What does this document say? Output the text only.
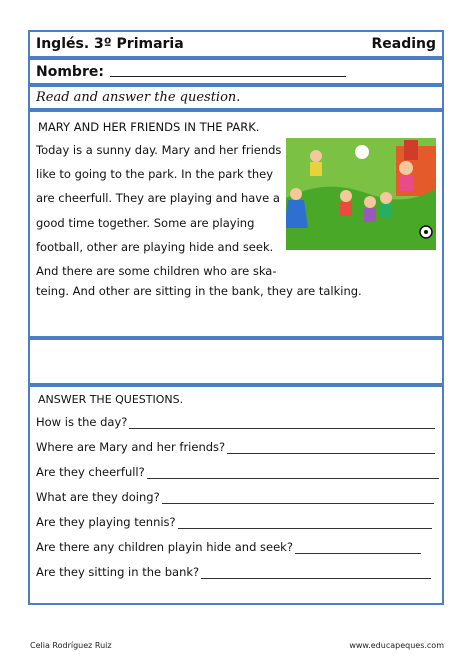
Inglés. 3º Primaria	Reading
Nombre:
Read and answer the question.
MARY AND HER FRIENDS IN THE PARK.
Today is a sunny day. Mary and her friends
like to going to the park. In the park they
are cheerfull. They are playing and have a
good time together. Some are playing
football, other are playing hide and seek.
And there are some children who are ska-
teing. And other are sitting in the bank, they are talking.
ANSWER THE QUESTIONS.
How is the day?
Where are Mary and her friends?
Are they cheerfull?
What are they doing?
Are they playing tennis?
Are there any children playin hide and seek?
Are they sitting in the bank?
Celia Rodríguez Ruiz	www.educapeques.com
